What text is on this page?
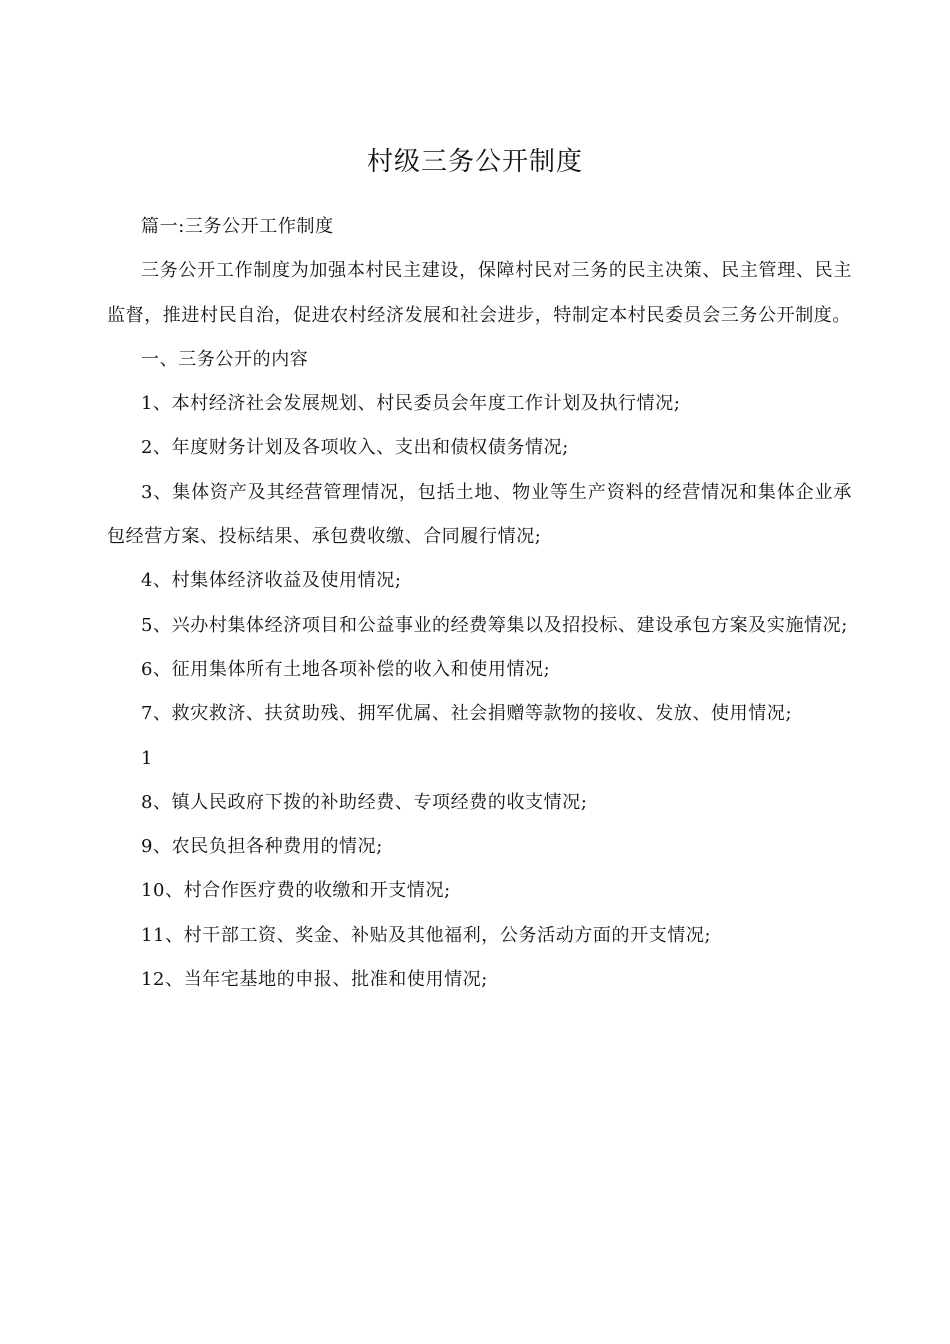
村级三务公开制度

篇一:三务公开工作制度

三务公开工作制度为加强本村民主建设，保障村民对三务的民主决策、民主管理、民主监督，推进村民自治，促进农村经济发展和社会进步，特制定本村民委员会三务公开制度。

一、三务公开的内容

1、本村经济社会发展规划、村民委员会年度工作计划及执行情况;

2、年度财务计划及各项收入、支出和债权债务情况;

3、集体资产及其经营管理情况，包括土地、物业等生产资料的经营情况和集体企业承包经营方案、投标结果、承包费收缴、合同履行情况;

4、村集体经济收益及使用情况;

5、兴办村集体经济项目和公益事业的经费筹集以及招投标、建设承包方案及实施情况;

6、征用集体所有土地各项补偿的收入和使用情况;

7、救灾救济、扶贫助残、拥军优属、社会捐赠等款物的接收、发放、使用情况;

1

8、镇人民政府下拨的补助经费、专项经费的收支情况;

9、农民负担各种费用的情况;

10、村合作医疗费的收缴和开支情况;

11、村干部工资、奖金、补贴及其他福利，公务活动方面的开支情况;

12、当年宅基地的申报、批准和使用情况;
